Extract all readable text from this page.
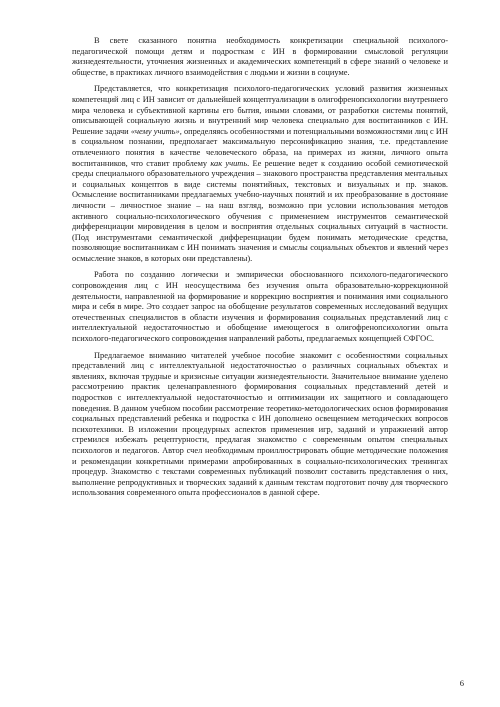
В свете сказанного понятна необходимость конкретизации специальной психолого-педагогической помощи детям и подросткам с ИН в формировании смысловой регуляции жизнедеятельности, уточнения жизненных и академических компетенций в сфере знаний о человеке и обществе, в практиках личного взаимодействия с людьми и жизни в социуме.

Представляется, что конкретизация психолого-педагогических условий развития жизненных компетенций лиц с ИН зависит от дальнейшей концептуализации в олигофренопсихологии внутреннего мира человека и субъективной картины его бытия, иными словами, от разработки системы понятий, описывающей социальную жизнь и внутренний мир человека специально для воспитанников с ИН. Решение задачи «чему учить», определяясь особенностями и потенциальными возможностями лиц с ИН в социальном познании, предполагает максимальную персонификацию знания, т.е. представление отвлеченного понятия в качестве человеческого образа, на примерах из жизни, личного опыта воспитанников, что ставит проблему как учить. Ее решение ведет к созданию особой семиотической среды специального образовательного учреждения – знакового пространства представления ментальных и социальных концептов в виде системы понятийных, текстовых и визуальных и пр. знаков. Осмысление воспитанниками предлагаемых учебно-научных понятий и их преобразование в достояние личности – личностное знание – на наш взгляд, возможно при условии использования методов активного социально-психологического обучения с применением инструментов семантической дифференциации мировидения в целом и восприятия отдельных социальных ситуаций в частности. (Под инструментами семантической дифференциации будем понимать методические средства, позволяющие воспитанникам с ИН понимать значения и смыслы социальных объектов и явлений через осмысление знаков, в которых они представлены).

Работа по созданию логически и эмпирически обоснованного психолого-педагогического сопровождения лиц с ИН неосуществима без изучения опыта образовательно-коррекционной деятельности, направленной на формирование и коррекцию восприятия и понимания ими социального мира и себя в мире. Это создает запрос на обобщение результатов современных исследований ведущих отечественных специалистов в области изучения и формирования социальных представлений лиц с интеллектуальной недостаточностью и обобщение имеющегося в олигофренопсихологии опыта психолого-педагогического сопровождения направлений работы, предлагаемых концепцией СФГОС.

Предлагаемое вниманию читателей учебное пособие знакомит с особенностями социальных представлений лиц с интеллектуальной недостаточностью о различных социальных объектах и явлениях, включая трудные и кризисные ситуации жизнедеятельности. Значительное внимание уделено рассмотрению практик целенаправленного формирования социальных представлений детей и подростков с интеллектуальной недостаточностью и оптимизации их защитного и совладающего поведения. В данном учебном пособии рассмотрение теоретико-методологических основ формирования социальных представлений ребенка и подростка с ИН дополнено освещением методических вопросов психотехники. В изложении процедурных аспектов применения игр, заданий и упражнений автор стремился избежать рецептурности, предлагая знакомство с современным опытом специальных психологов и педагогов. Автор счел необходимым проиллюстрировать общие методические положения и рекомендации конкретными примерами апробированных в социально-психологических тренингах процедур. Знакомство с текстами современных публикаций позволит составить представления о них, выполнение репродуктивных и творческих заданий к данным текстам подготовит почву для творческого использования современного опыта профессионалов в данной сфере.

6
